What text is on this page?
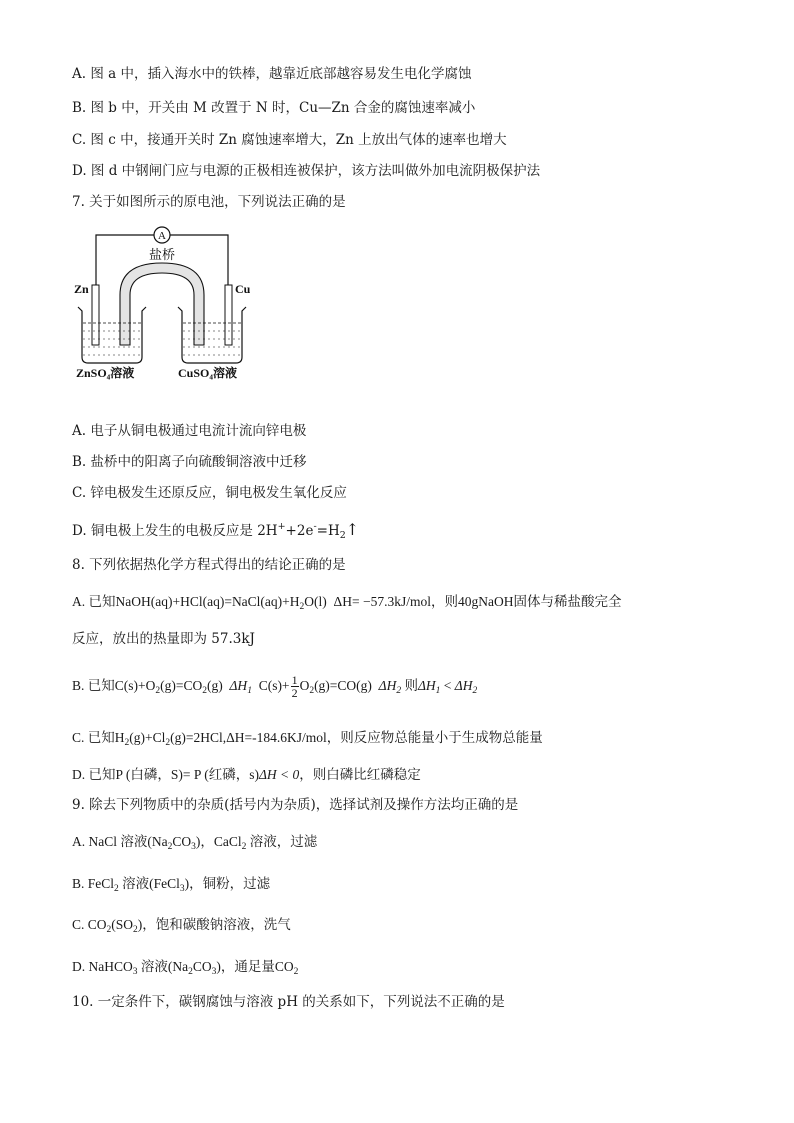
A. 图 a 中，插入海水中的铁棒，越靠近底部越容易发生电化学腐蚀
B. 图 b 中，开关由 M 改置于 N 时，Cu—Zn 合金的腐蚀速率减小
C. 图 c 中，接通开关时 Zn 腐蚀速率增大，Zn 上放出气体的速率也增大
D. 图 d 中钢闸门应与电源的正极相连被保护，该方法叫做外加电流阴极保护法
7. 关于如图所示的原电池，下列说法正确的是
A
盐桥
Zn	Cu
ZnSO₄溶液	CuSO₄溶液
A. 电子从铜电极通过电流计流向锌电极
B. 盐桥中的阳离子向硫酸铜溶液中迁移
C. 锌电极发生还原反应，铜电极发生氧化反应
D. 铜电极上发生的电极反应是 $2H^++2e^-=H_2↑$
8. 下列依据热化学方程式得出的结论正确的是
A. 已知$NaOH(aq)+HCl(aq)=NaCl(aq)+H_2O(l)$ ΔH= −57.3kJ/mol，则40gNaOH固体与稀盐酸完全
反应，放出的热量即为 57.3kJ
B. 已知$C(s)+O_2(g)=CO_2(g)$ $\Delta H_1$ $C(s)+ \frac{1}{2} O_2(g)=CO(g)$ $\Delta H_2$ 则$\Delta H_1 < \Delta H_2$
C. 已知$H_2(g)+Cl_2(g)=2HCl,\Delta H=-184.6KJ$/mol，则反应物总能量小于生成物总能量
D. 已知P (白磷，S)= P (红磷，s)ΔH < 0，则白磷比红磷稳定
9. 除去下列物质中的杂质(括号内为杂质)，选择试剂及操作方法均正确的是
A. NaCl 溶液$(Na_2CO_3)$，CaCl$_2$ 溶液，过滤
B. FeCl$_2$ 溶液(FeCl$_3$)，铜粉，过滤
C. $CO_2(SO_2)$，饱和碳酸钠溶液，洗气
D. NaHCO$_3$ 溶液$(Na_2CO_3)$，通足量$CO_2$
10. 一定条件下，碳钢腐蚀与溶液 pH 的关系如下，下列说法不正确的是
